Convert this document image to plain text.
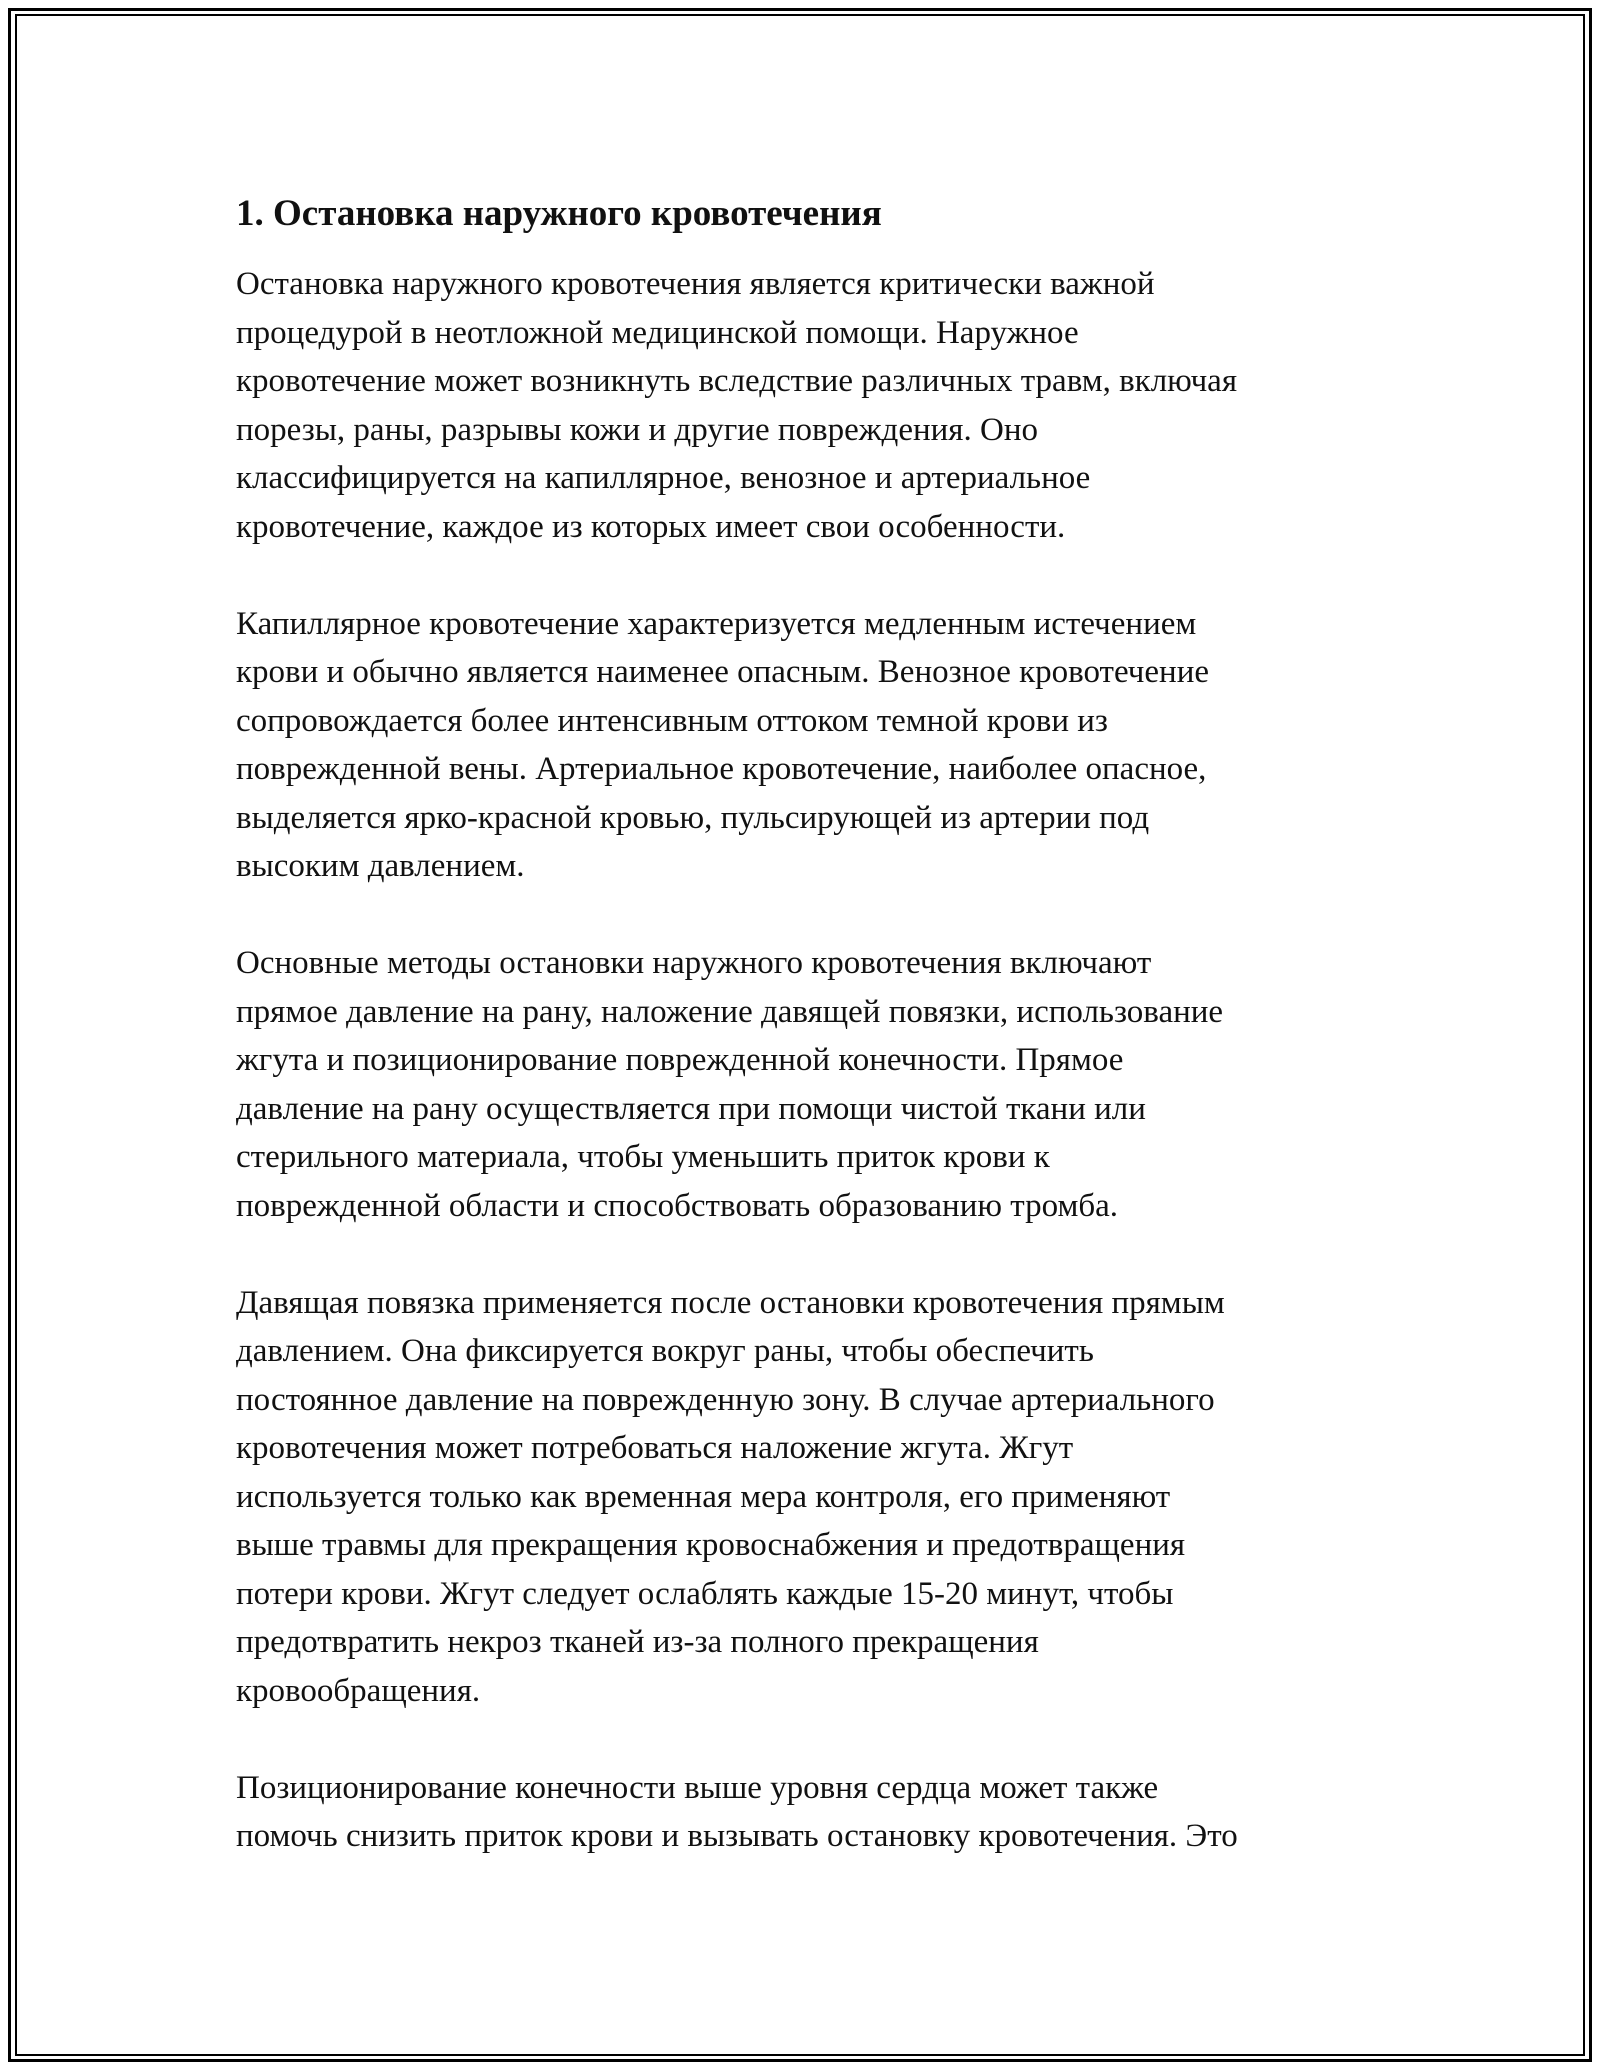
1. Остановка наружного кровотечения

Остановка наружного кровотечения является критически важной
процедурой в неотложной медицинской помощи. Наружное
кровотечение может возникнуть вследствие различных травм, включая
порезы, раны, разрывы кожи и другие повреждения. Оно
классифицируется на капиллярное, венозное и артериальное
кровотечение, каждое из которых имеет свои особенности.

Капиллярное кровотечение характеризуется медленным истечением
крови и обычно является наименее опасным. Венозное кровотечение
сопровождается более интенсивным оттоком темной крови из
поврежденной вены. Артериальное кровотечение, наиболее опасное,
выделяется ярко-красной кровью, пульсирующей из артерии под
высоким давлением.

Основные методы остановки наружного кровотечения включают
прямое давление на рану, наложение давящей повязки, использование
жгута и позиционирование поврежденной конечности. Прямое
давление на рану осуществляется при помощи чистой ткани или
стерильного материала, чтобы уменьшить приток крови к
поврежденной области и способствовать образованию тромба.

Давящая повязка применяется после остановки кровотечения прямым
давлением. Она фиксируется вокруг раны, чтобы обеспечить
постоянное давление на поврежденную зону. В случае артериального
кровотечения может потребоваться наложение жгута. Жгут
используется только как временная мера контроля, его применяют
выше травмы для прекращения кровоснабжения и предотвращения
потери крови. Жгут следует ослаблять каждые 15-20 минут, чтобы
предотвратить некроз тканей из-за полного прекращения
кровообращения.

Позиционирование конечности выше уровня сердца может также
помочь снизить приток крови и вызывать остановку кровотечения. Это
